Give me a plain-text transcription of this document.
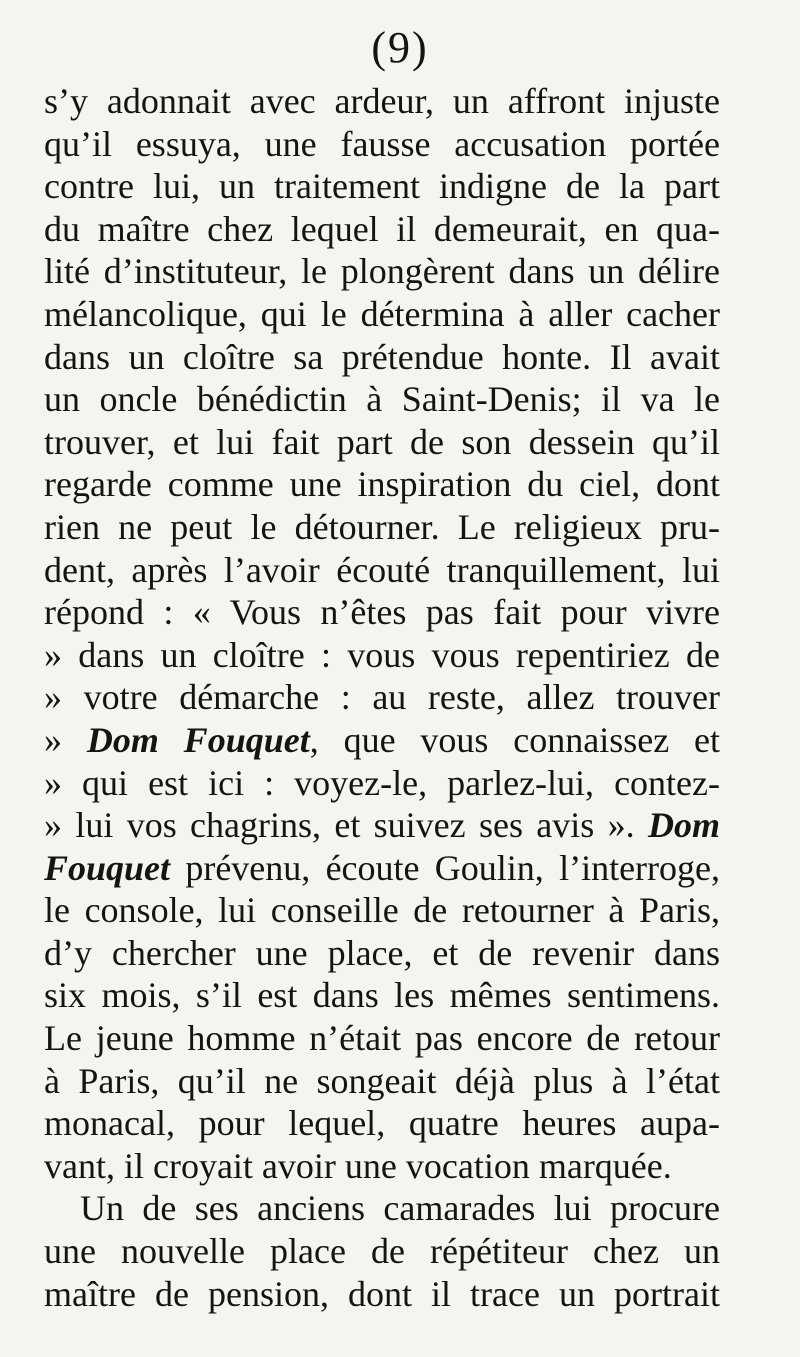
(9)
s’y adonnait avec ardeur, un affront injuste
qu’il essuya, une fausse accusation portée
contre lui, un traitement indigne de la part
du maître chez lequel il demeurait, en qua-
lité d’instituteur, le plongèrent dans un délire
mélancolique, qui le détermina à aller cacher
dans un cloître sa prétendue honte. Il avait
un oncle bénédictin à Saint-Denis; il va le
trouver, et lui fait part de son dessein qu’il
regarde comme une inspiration du ciel, dont
rien ne peut le détourner. Le religieux pru-
dent, après l’avoir écouté tranquillement, lui
répond : « Vous n’êtes pas fait pour vivre
» dans un cloître : vous vous repentiriez de
» votre démarche : au reste, allez trouver
» Dom Fouquet, que vous connaissez et
» qui est ici : voyez-le, parlez-lui, contez-
» lui vos chagrins, et suivez ses avis ». Dom
Fouquet prévenu, écoute Goulin, l’interroge,
le console, lui conseille de retourner à Paris,
d’y chercher une place, et de revenir dans
six mois, s’il est dans les mêmes sentimens.
Le jeune homme n’était pas encore de retour
à Paris, qu’il ne songeait déjà plus à l’état
monacal, pour lequel, quatre heures aupa-
vant, il croyait avoir une vocation marquée.
Un de ses anciens camarades lui procure
une nouvelle place de répétiteur chez un
maître de pension, dont il trace un portrait
